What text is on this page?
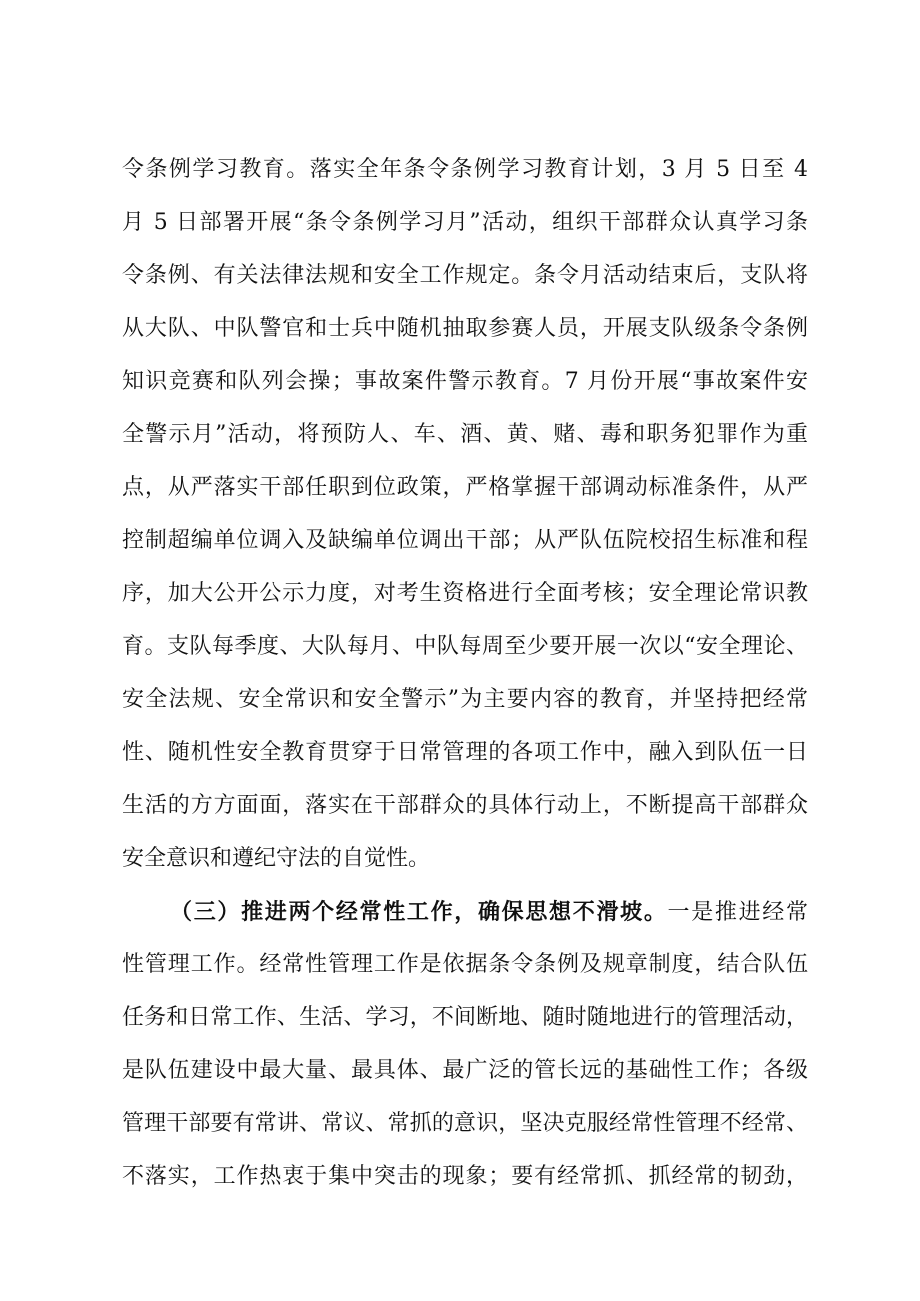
令条例学习教育。落实全年条令条例学习教育计划，3 月 5 日至 4
月 5 日部署开展“条令条例学习月”活动，组织干部群众认真学习条
令条例、有关法律法规和安全工作规定。条令月活动结束后，支队将
从大队、中队警官和士兵中随机抽取参赛人员，开展支队级条令条例
知识竞赛和队列会操；事故案件警示教育。7 月份开展“事故案件安
全警示月”活动，将预防人、车、酒、黄、赌、毒和职务犯罪作为重
点，从严落实干部任职到位政策，严格掌握干部调动标准条件，从严
控制超编单位调入及缺编单位调出干部；从严队伍院校招生标准和程
序，加大公开公示力度，对考生资格进行全面考核；安全理论常识教
育。支队每季度、大队每月、中队每周至少要开展一次以“安全理论、
安全法规、安全常识和安全警示”为主要内容的教育，并坚持把经常
性、随机性安全教育贯穿于日常管理的各项工作中，融入到队伍一日
生活的方方面面，落实在干部群众的具体行动上，不断提高干部群众
安全意识和遵纪守法的自觉性。
（三）推进两个经常性工作，确保思想不滑坡。一是推进经常
性管理工作。经常性管理工作是依据条令条例及规章制度，结合队伍
任务和日常工作、生活、学习，不间断地、随时随地进行的管理活动，
是队伍建设中最大量、最具体、最广泛的管长远的基础性工作；各级
管理干部要有常讲、常议、常抓的意识，坚决克服经常性管理不经常、
不落实，工作热衷于集中突击的现象；要有经常抓、抓经常的韧劲，
